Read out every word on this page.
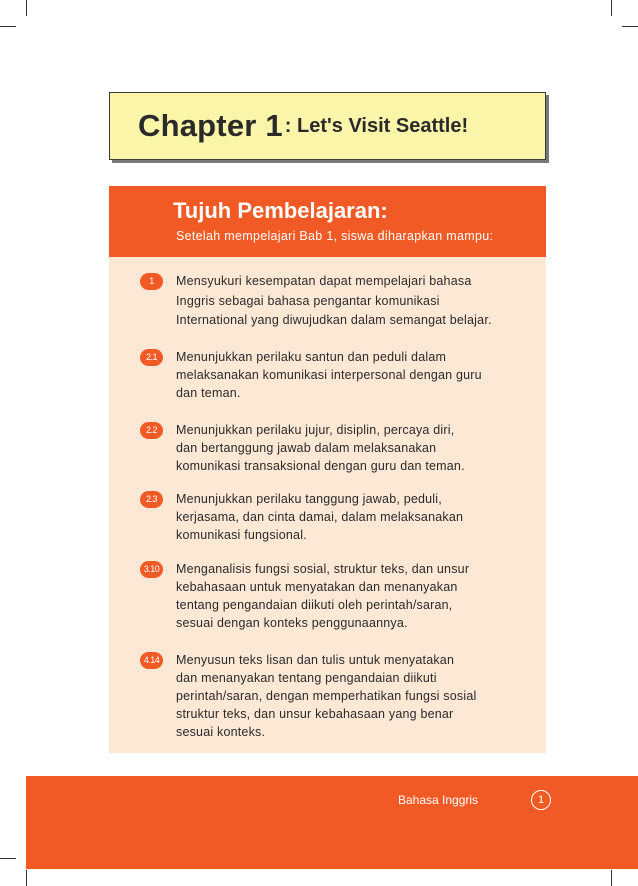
Chapter 1 : Let's Visit Seattle!
Tujuh Pembelajaran:
Setelah mempelajari Bab 1, siswa diharapkan mampu:
1	Mensyukuri kesempatan dapat mempelajari bahasa
Inggris sebagai bahasa pengantar komunikasi
International yang diwujudkan dalam semangat belajar.
2.1	Menunjukkan perilaku santun dan peduli dalam
melaksanakan komunikasi interpersonal dengan guru
dan teman.
2.2	Menunjukkan perilaku jujur, disiplin, percaya diri,
dan bertanggung jawab dalam melaksanakan
komunikasi transaksional dengan guru dan teman.
2.3	Menunjukkan perilaku tanggung jawab, peduli,
kerjasama, dan cinta damai, dalam melaksanakan
komunikasi fungsional.
3.10 Menganalisis fungsi sosial, struktur teks, dan unsur
kebahasaan untuk menyatakan dan menanyakan
tentang pengandaian diikuti oleh perintah/saran,
sesuai dengan konteks penggunaannya.
4.14 Menyusun teks lisan dan tulis untuk menyatakan
dan menanyakan tentang pengandaian diikuti
perintah/saran, dengan memperhatikan fungsi sosial
struktur teks, dan unsur kebahasaan yang benar
sesuai konteks.
Bahasa Inggris	1
